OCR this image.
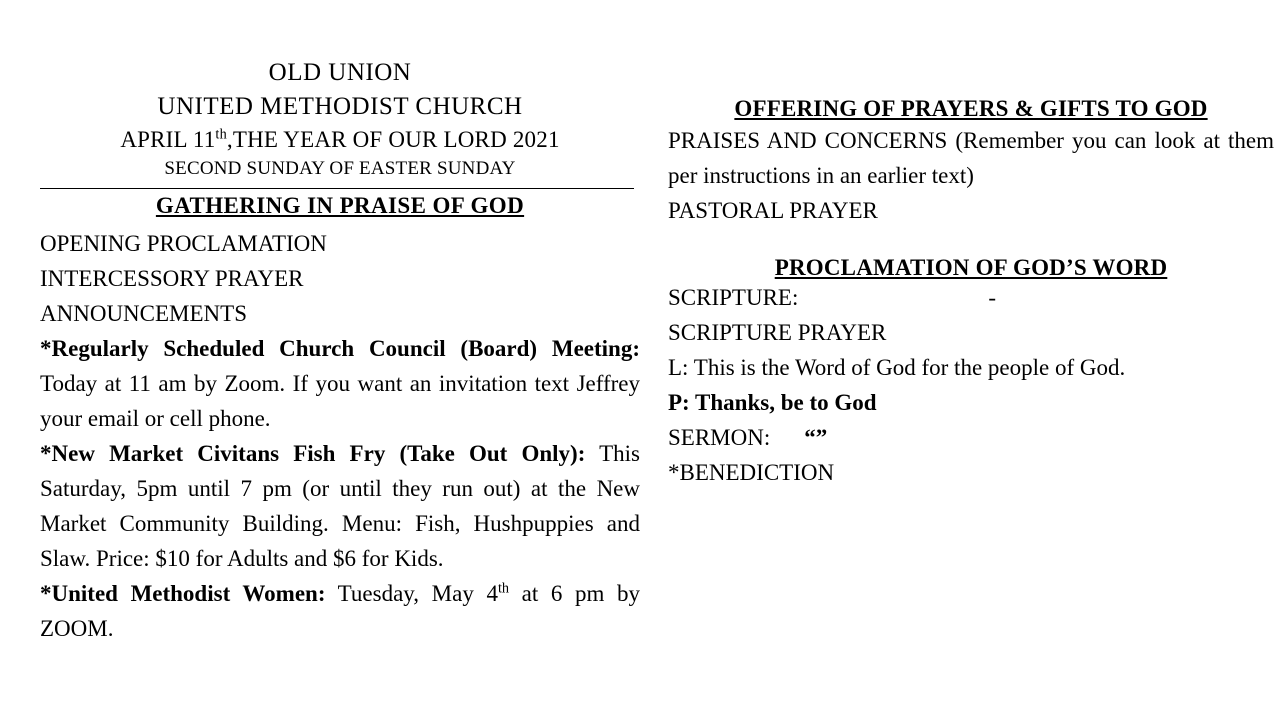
OLD UNION
UNITED METHODIST CHURCH
APRIL 11th,THE YEAR OF OUR LORD 2021
SECOND SUNDAY OF EASTER SUNDAY
GATHERING IN PRAISE OF GOD
OPENING PROCLAMATION
INTERCESSORY PRAYER
ANNOUNCEMENTS
*Regularly Scheduled Church Council (Board) Meeting: Today at 11 am by Zoom. If you want an invitation text Jeffrey your email or cell phone.
*New Market Civitans Fish Fry (Take Out Only): This Saturday, 5pm until 7 pm (or until they run out) at the New Market Community Building. Menu: Fish, Hushpuppies and Slaw. Price: $10 for Adults and $6 for Kids.
*United Methodist Women: Tuesday, May 4th at 6 pm by ZOOM.
OFFERING OF PRAYERS & GIFTS TO GOD
PRAISES AND CONCERNS (Remember you can look at them per instructions in an earlier text)
PASTORAL PRAYER
PROCLAMATION OF GOD’S WORD
SCRIPTURE:	-
SCRIPTURE PRAYER
L: This is the Word of God for the people of God.
P: Thanks, be to God
SERMON: “”
*BENEDICTION
